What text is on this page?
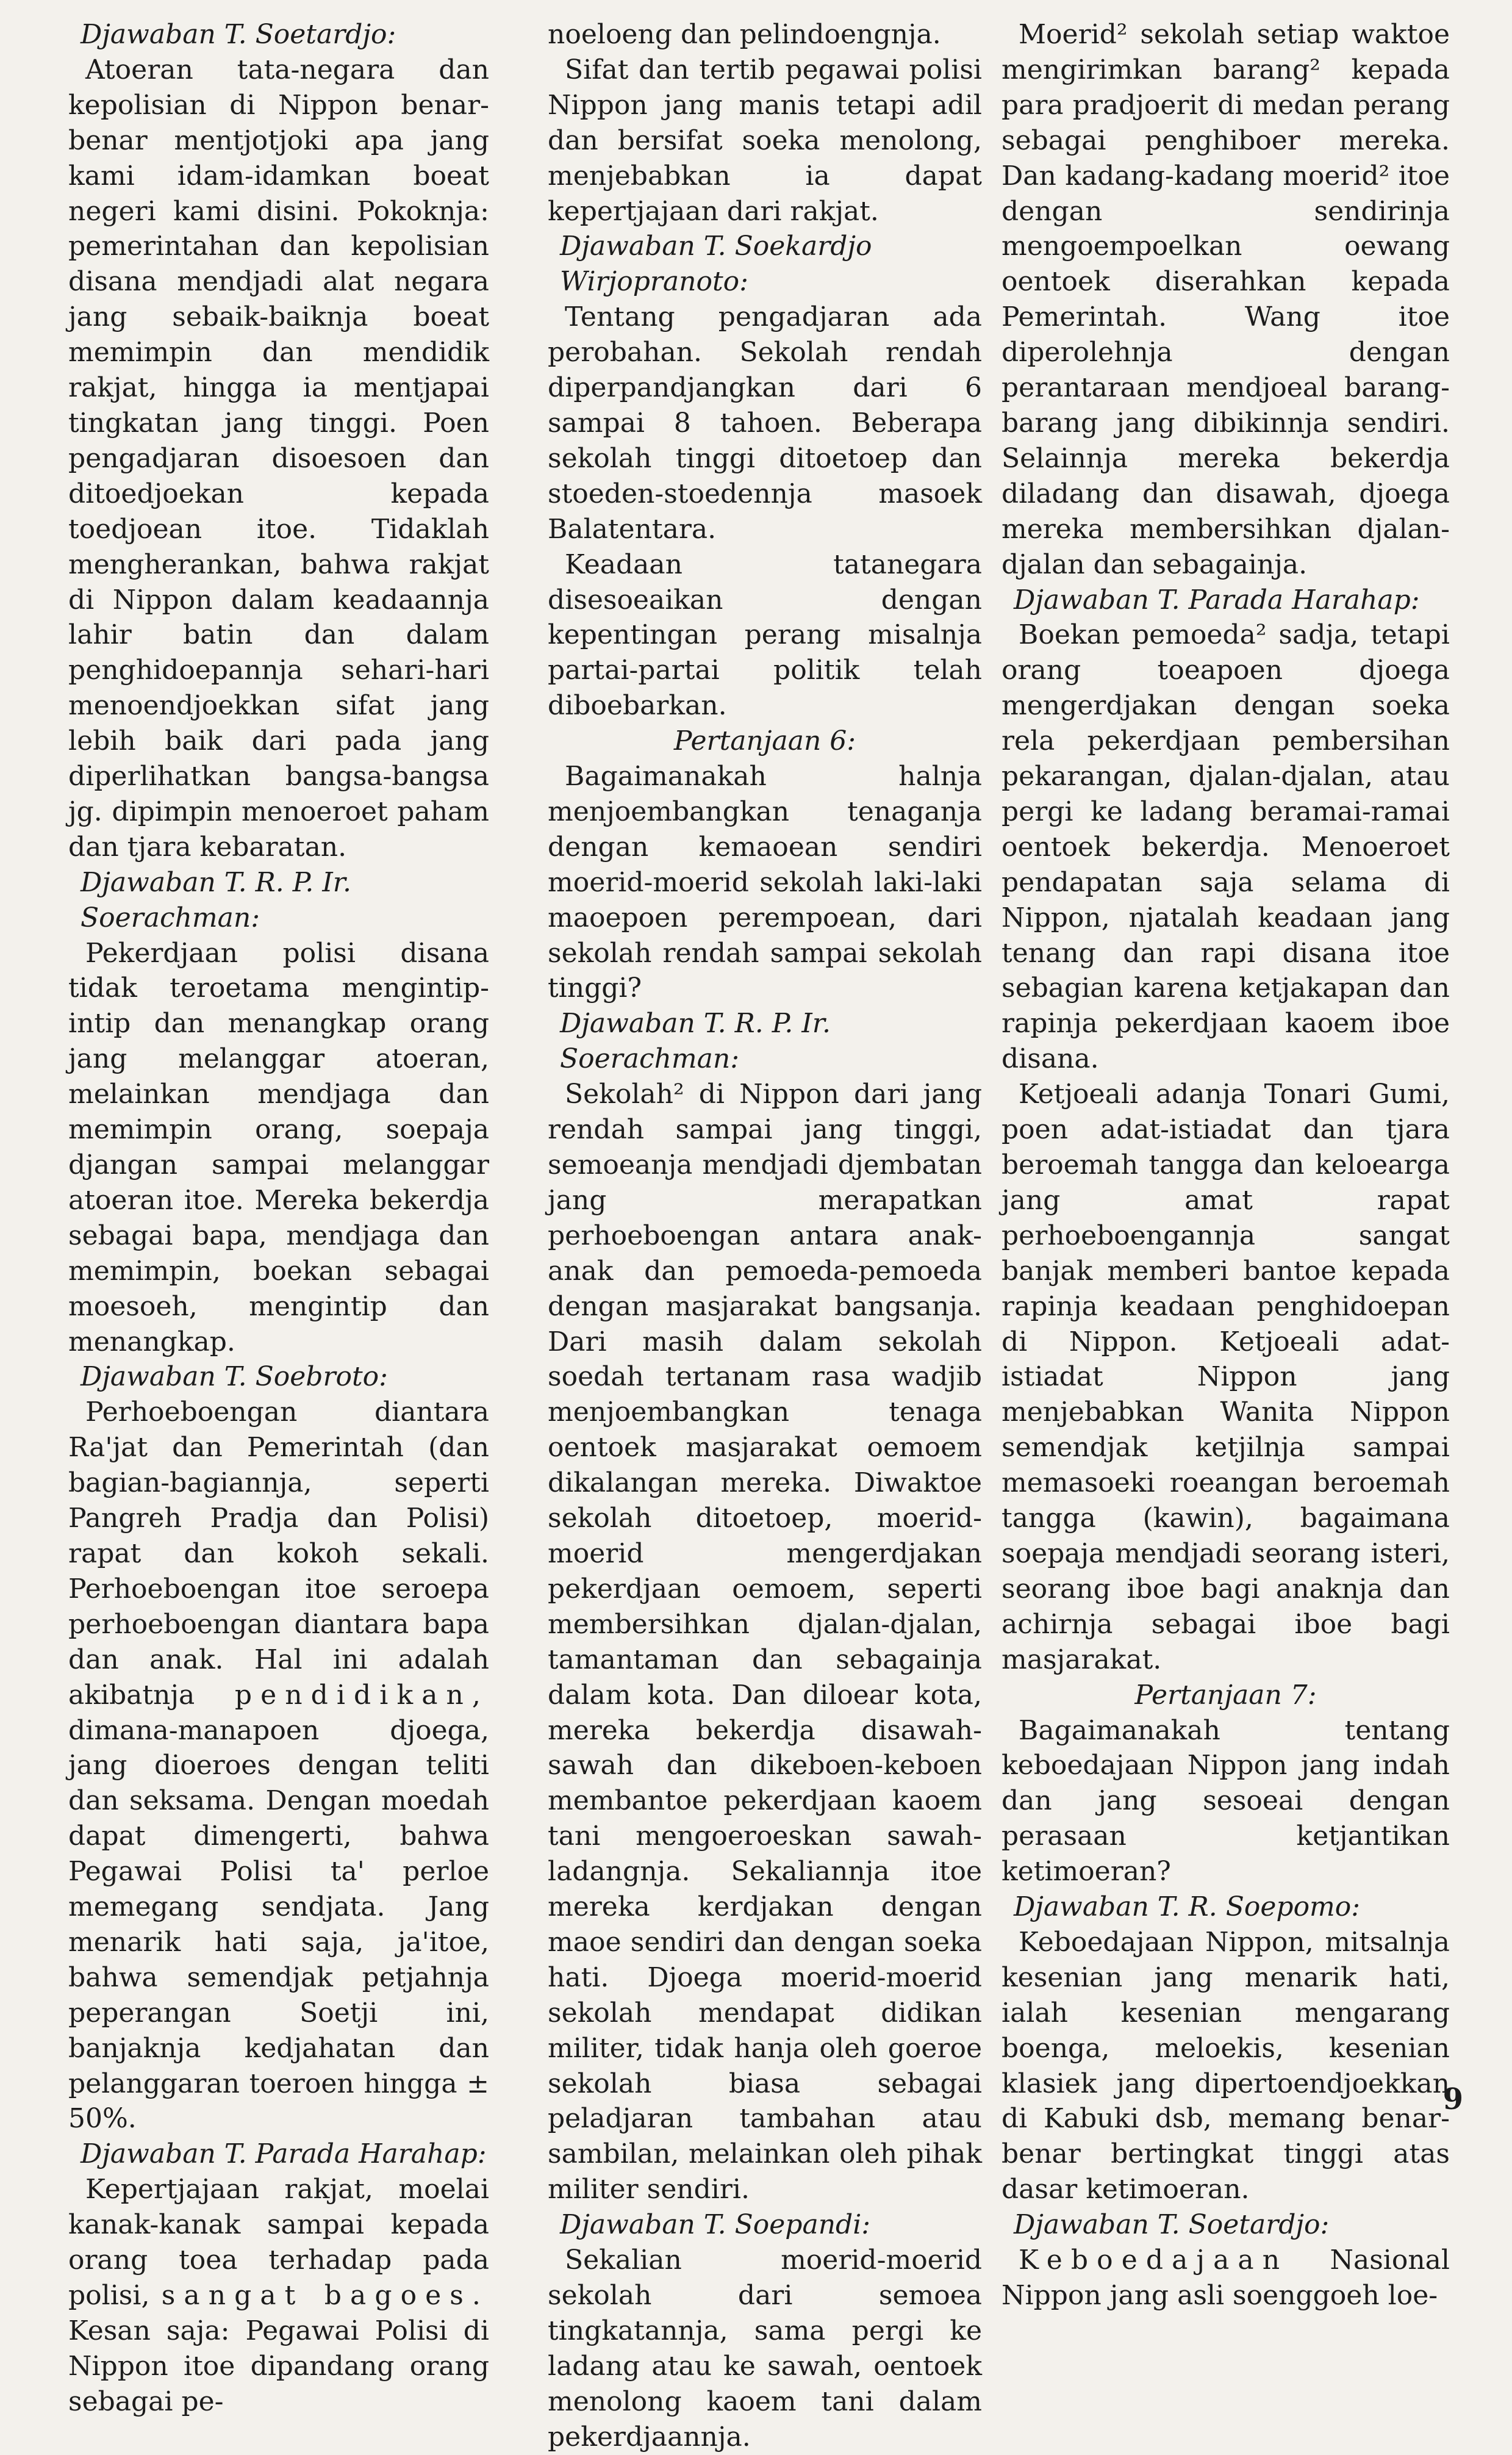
Djawaban T. Soetardjo:

Atoeran tata-negara dan kepolisian di Nippon benar-benar mentjotjoki apa jang kami idam-idamkan boeat negeri kami disini. Pokoknja: pemerintahan dan kepolisian disana mendjadi alat negara jang sebaik-baiknja boeat memimpin dan mendidik rakjat, hingga ia mentjapai tingkatan jang tinggi. Poen pengadjaran disoesoen dan ditoedjoekan kepada toedjoean itoe. Tidaklah mengherankan, bahwa rakjat di Nippon dalam keadaannja lahir batin dan dalam penghidoepannja sehari-hari menoendjoekkan sifat jang lebih baik dari pada jang diperlihatkan bangsa-bangsa jg. dipimpin menoeroet paham dan tjara kebaratan.

Djawaban T. R. P. Ir. Soerachman:

Pekerdjaan polisi disana tidak teroetama mengintip-intip dan menangkap orang jang melanggar atoeran, melainkan mendjaga dan memimpin orang, soepaja djangan sampai melanggar atoeran itoe. Mereka bekerdja sebagai bapa, mendjaga dan memimpin, boekan sebagai moesoeh, mengintip dan menangkap.

Djawaban T. Soebroto:

Perhoeboengan diantara Ra'jat dan Pemerintah (dan bagian-bagiannja, seperti Pangreh Pradja dan Polisi) rapat dan kokoh sekali. Perhoeboengan itoe seroepa perhoeboengan diantara bapa dan anak. Hal ini adalah akibatnja pendidikan, dimana-manapoen djoega, jang dioeroes dengan teliti dan seksama. Dengan moedah dapat dimengerti, bahwa Pegawai Polisi ta' perloe memegang sendjata. Jang menarik hati saja, ja'itoe, bahwa semendjak petjahnja peperangan Soetji ini, banjaknja kedjahatan dan pelanggaran toeroen hingga ± 50%.

Djawaban T. Parada Harahap:

Kepertjajaan rakjat, moelai kanak-kanak sampai kepada orang toea terhadap pada polisi, sangat bagoes. Kesan saja: Pegawai Polisi di Nippon itoe dipandang orang sebagai pe-

noeloeng dan pelindoengnja.

Sifat dan tertib pegawai polisi Nippon jang manis tetapi adil dan bersifat soeka menolong, menjebabkan ia dapat kepertjajaan dari rakjat.

Djawaban T. Soekardjo Wirjopranoto:

Tentang pengadjaran ada perobahan. Sekolah rendah diperpandjangkan dari 6 sampai 8 tahoen. Beberapa sekolah tinggi ditoetoep dan stoeden-stoedennja masoek Balatentara.

Keadaan tatanegara disesoeaikan dengan kepentingan perang misalnja partai-partai politik telah diboebarkan.

Pertanjaan 6:

Bagaimanakah halnja menjoembangkan tenaganja dengan kemaoean sendiri moerid-moerid sekolah laki-laki maoepoen perempoean, dari sekolah rendah sampai sekolah tinggi?

Djawaban T. R. P. Ir. Soerachman:

Sekolah² di Nippon dari jang rendah sampai jang tinggi, semoeanja mendjadi djembatan jang merapatkan perhoeboengan antara anak-anak dan pemoeda-pemoeda dengan masjarakat bangsanja. Dari masih dalam sekolah soedah tertanam rasa wadjib menjoembangkan tenaga oentoek masjarakat oemoem dikalangan mereka. Diwaktoe sekolah ditoetoep, moerid-moerid mengerdjakan pekerdjaan oemoem, seperti membersihkan djalan-djalan, tamantaman dan sebagainja dalam kota. Dan diloear kota, mereka bekerdja disawah-sawah dan dikeboen-keboen membantoe pekerdjaan kaoem tani mengoeroeskan sawah-ladangnja. Sekaliannja itoe mereka kerdjakan dengan maoe sendiri dan dengan soeka hati. Djoega moerid-moerid sekolah mendapat didikan militer, tidak hanja oleh goeroe sekolah biasa sebagai peladjaran tambahan atau sambilan, melainkan oleh pihak militer sendiri.

Djawaban T. Soepandi:

Sekalian moerid-moerid sekolah dari semoea tingkatannja, sama pergi ke ladang atau ke sawah, oentoek menolong kaoem tani dalam pekerdjaannja.

Moerid² sekolah setiap waktoe mengirimkan barang² kepada para pradjoerit di medan perang sebagai penghiboer mereka. Dan kadang-kadang moerid² itoe dengan sendirinja mengoempoelkan oewang oentoek diserahkan kepada Pemerintah. Wang itoe diperolehnja dengan perantaraan mendjoeal barang-barang jang dibikinnja sendiri. Selainnja mereka bekerdja diladang dan disawah, djoega mereka membersihkan djalan-djalan dan sebagainja.

Djawaban T. Parada Harahap:

Boekan pemoeda² sadja, tetapi orang toeapoen djoega mengerdjakan dengan soeka rela pekerdjaan pembersihan pekarangan, djalan-djalan, atau pergi ke ladang beramai-ramai oentoek bekerdja. Menoeroet pendapatan saja selama di Nippon, njatalah keadaan jang tenang dan rapi disana itoe sebagian karena ketjakapan dan rapinja pekerdjaan kaoem iboe disana.

Ketjoeali adanja Tonari Gumi, poen adat-istiadat dan tjara beroemah tangga dan keloearga jang amat rapat perhoeboengannja sangat banjak memberi bantoe kepada rapinja keadaan penghidoepan di Nippon. Ketjoeali adat-istiadat Nippon jang menjebabkan Wanita Nippon semendjak ketjilnja sampai memasoeki roeangan beroemah tangga (kawin), bagaimana soepaja mendjadi seorang isteri, seorang iboe bagi anaknja dan achirnja sebagai iboe bagi masjarakat.

Pertanjaan 7:

Bagaimanakah tentang keboedajaan Nippon jang indah dan jang sesoeai dengan perasaan ketjantikan ketimoeran?

Djawaban T. R. Soepomo:

Keboedajaan Nippon, mitsalnja kesenian jang menarik hati, ialah kesenian mengarang boenga, meloekis, kesenian klasiek jang dipertoendjoekkan di Kabuki dsb, memang benar-benar bertingkat tinggi atas dasar ketimoeran.

Djawaban T. Soetardjo:

Keboedajaan Nasional Nippon jang asli soenggoeh loe-

9
